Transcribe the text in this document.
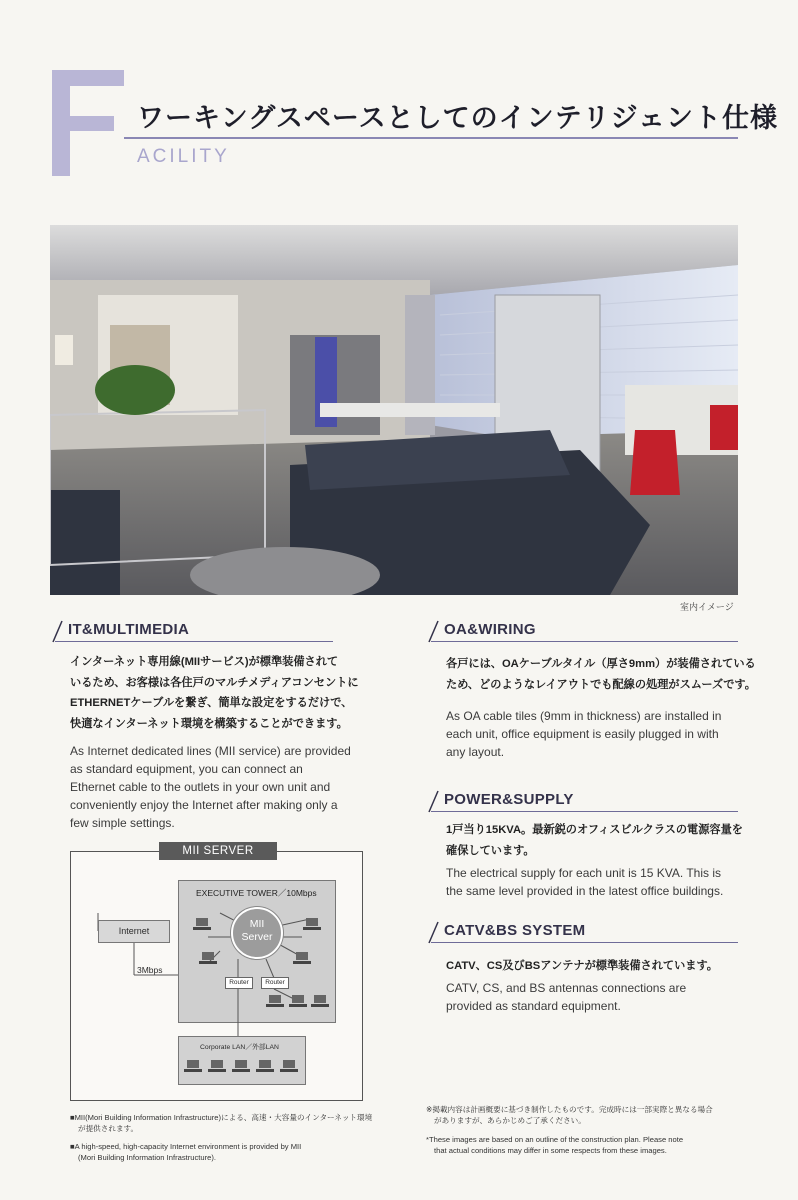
ワーキングスペースとしてのインテリジェント仕様
ACILITY
室内イメージ
IT&MULTIMEDIA
インターネット専用線(MIIサービス)が標準装備されて
いるため、お客様は各住戸のマルチメディアコンセントに
ETHERNETケーブルを繋ぎ、簡単な設定をするだけで、
快適なインターネット環境を構築することができます。
As Internet dedicated lines (MII service) are provided
as standard equipment, you can connect an
Ethernet cable to the outlets in your own unit and
conveniently enjoy the Internet after making only a
few simple settings.
MII SERVER
EXECUTIVE TOWER／10Mbps
MII
Server
Internet
3Mbps
Router	Router
Corporate LAN／外部LAN
OA&WIRING
各戸には、OAケーブルタイル（厚さ9mm）が装備されている
ため、どのようなレイアウトでも配線の処理がスムーズです。
As OA cable tiles (9mm in thickness) are installed in
each unit, office equipment is easily plugged in with
any layout.
POWER&SUPPLY
1戸当り15KVA。最新鋭のオフィスビルクラスの電源容量を
確保しています。
The electrical supply for each unit is 15 KVA. This is
the same level provided in the latest office buildings.
CATV&BS SYSTEM
CATV、CS及びBSアンテナが標準装備されています。
CATV, CS, and BS antennas connections are
provided as standard equipment.
■MII(Mori Building Information Infrastructure)による、高速・大容量のインターネット環境
が提供されます。
■A high-speed, high-capacity Internet environment is provided by MII
(Mori Building Information Infrastructure).
※掲載内容は計画概要に基づき制作したものです。完成時には一部実際と異なる場合
がありますが、あらかじめご了承ください。
*These images are based on an outline of the construction plan. Please note
that actual conditions may differ in some respects from these images.
